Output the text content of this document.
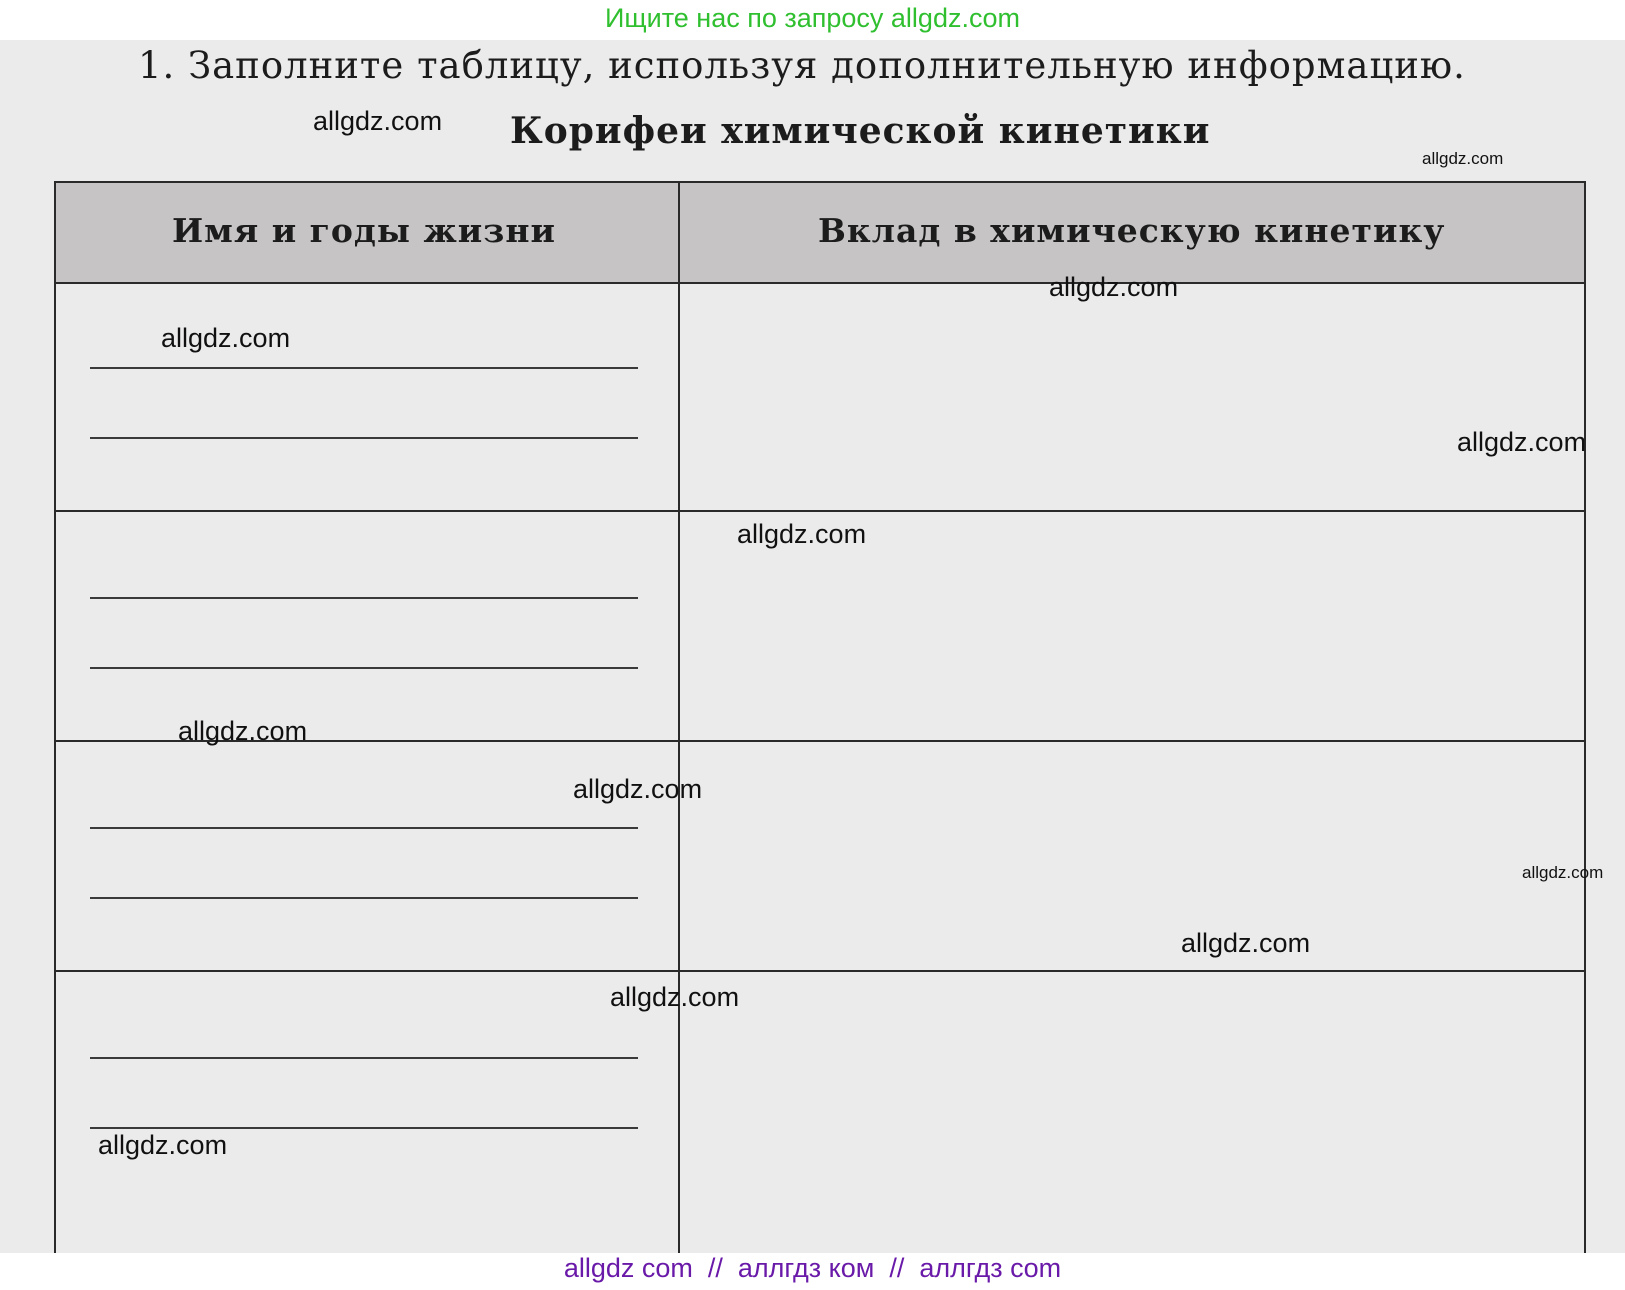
Ищите нас по запросу allgdz.com
1. Заполните таблицу, используя дополнительную информацию.
Корифеи химической кинетики
Имя и годы жизни	Вклад в химическую кинетику
allgdz.com
allgdz.com
allgdz.com
allgdz.com
allgdz.com
allgdz.com
allgdz.com
allgdz.com
allgdz.com
allgdz.com
allgdz.com
allgdz.com
allgdz com  //  аллгдз ком  //  аллгдз com
